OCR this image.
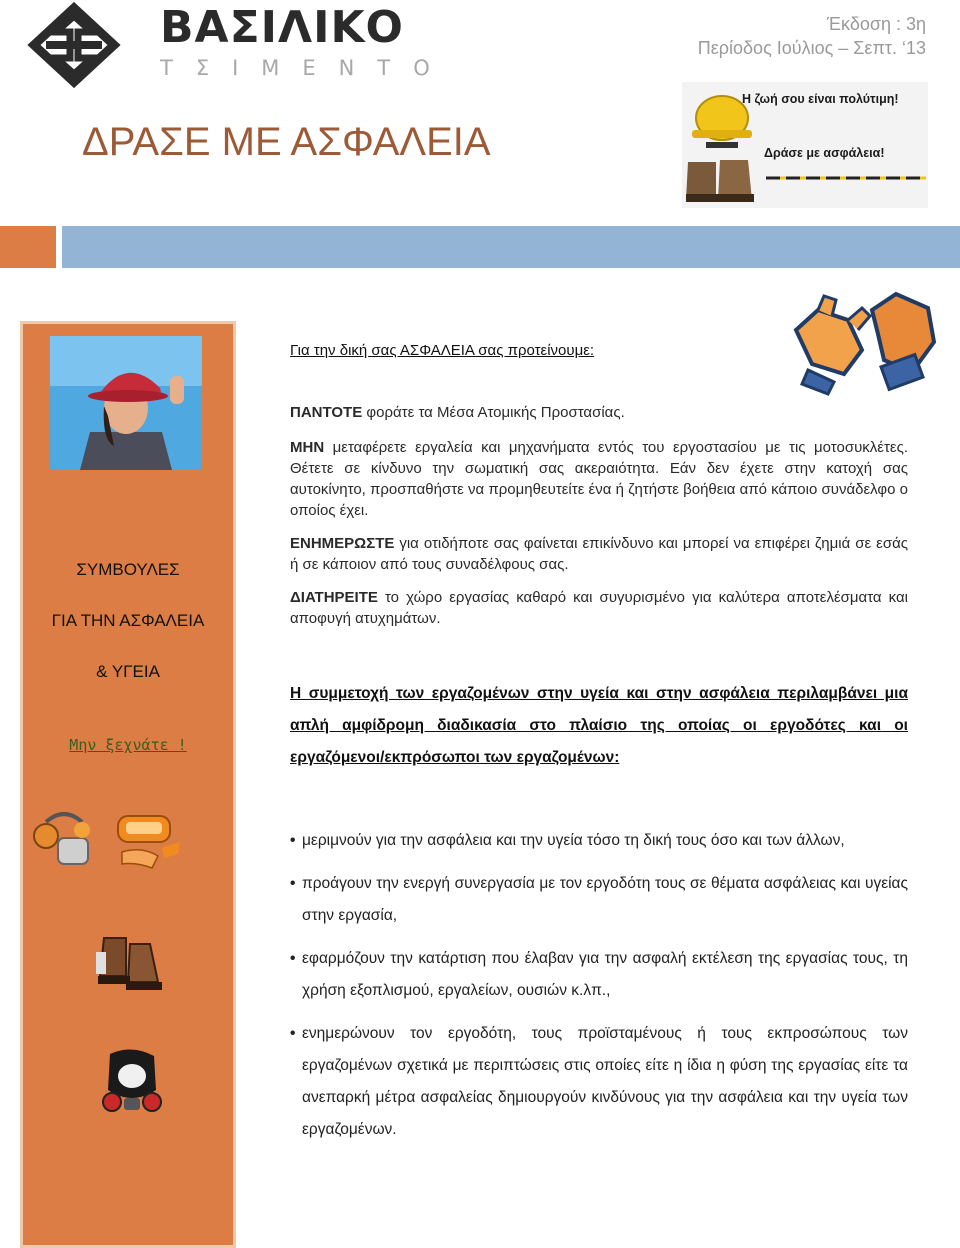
ΒΑΣΙΛΙΚΟ
ΤΣΙΜΕΝΤΟ
Έκδοση : 3η
Περίοδος Ιούλιος – Σεπτ. ‘13
ΔΡΑΣΕ ΜΕ ΑΣΦΑΛΕΙΑ
Η ζωή σου είναι πολύτιμη!
Δράσε με ασφάλεια!
ΣΥΜΒΟΥΛΕΣ
ΓΙΑ ΤΗΝ ΑΣΦΑΛΕΙΑ
& ΥΓΕΙΑ
Μην ξεχνάτε !
Για την δική σας ΑΣΦΑΛΕΙΑ σας προτείνουμε:
ΠΑΝΤΟΤΕ φοράτε τα Μέσα Ατομικής Προστασίας.
ΜΗΝ μεταφέρετε εργαλεία και μηχανήματα εντός του εργοστασίου με τις μοτοσυκλέτες. Θέτετε σε κίνδυνο την σωματική σας ακεραιότητα. Εάν δεν έχετε στην κατοχή σας αυτοκίνητο, προσπαθήστε να προμηθευτείτε ένα ή ζητήστε βοήθεια από κάποιο συνάδελφο ο οποίος έχει.
ΕΝΗΜΕΡΩΣΤΕ για οτιδήποτε σας φαίνεται επικίνδυνο και μπορεί να επιφέρει ζημιά σε εσάς ή σε κάποιον από τους συναδέλφους σας.
ΔΙΑΤΗΡΕΙΤΕ το χώρο εργασίας καθαρό και συγυρισμένο για καλύτερα αποτελέσματα και αποφυγή ατυχημάτων.
Η συμμετοχή των εργαζομένων στην υγεία και στην ασφάλεια περιλαμβάνει μια απλή αμφίδρομη διαδικασία στο πλαίσιο της οποίας οι εργοδότες και οι εργαζόμενοι/εκπρόσωποι των εργαζομένων:
• μεριμνούν για την ασφάλεια και την υγεία τόσο τη δική τους όσο και των άλλων,
• προάγουν την ενεργή συνεργασία με τον εργοδότη τους σε θέματα ασφάλειας και υγείας στην εργασία,
• εφαρμόζουν την κατάρτιση που έλαβαν για την ασφαλή εκτέλεση της εργασίας τους, τη χρήση εξοπλισμού, εργαλείων, ουσιών κ.λπ.,
• ενημερώνουν τον εργοδότη, τους προϊσταμένους ή τους εκπροσώπους των εργαζομένων σχετικά με περιπτώσεις στις οποίες είτε η ίδια η φύση της εργασίας είτε τα ανεπαρκή μέτρα ασφαλείας δημιουργούν κινδύνους για την ασφάλεια και την υγεία των εργαζομένων.
